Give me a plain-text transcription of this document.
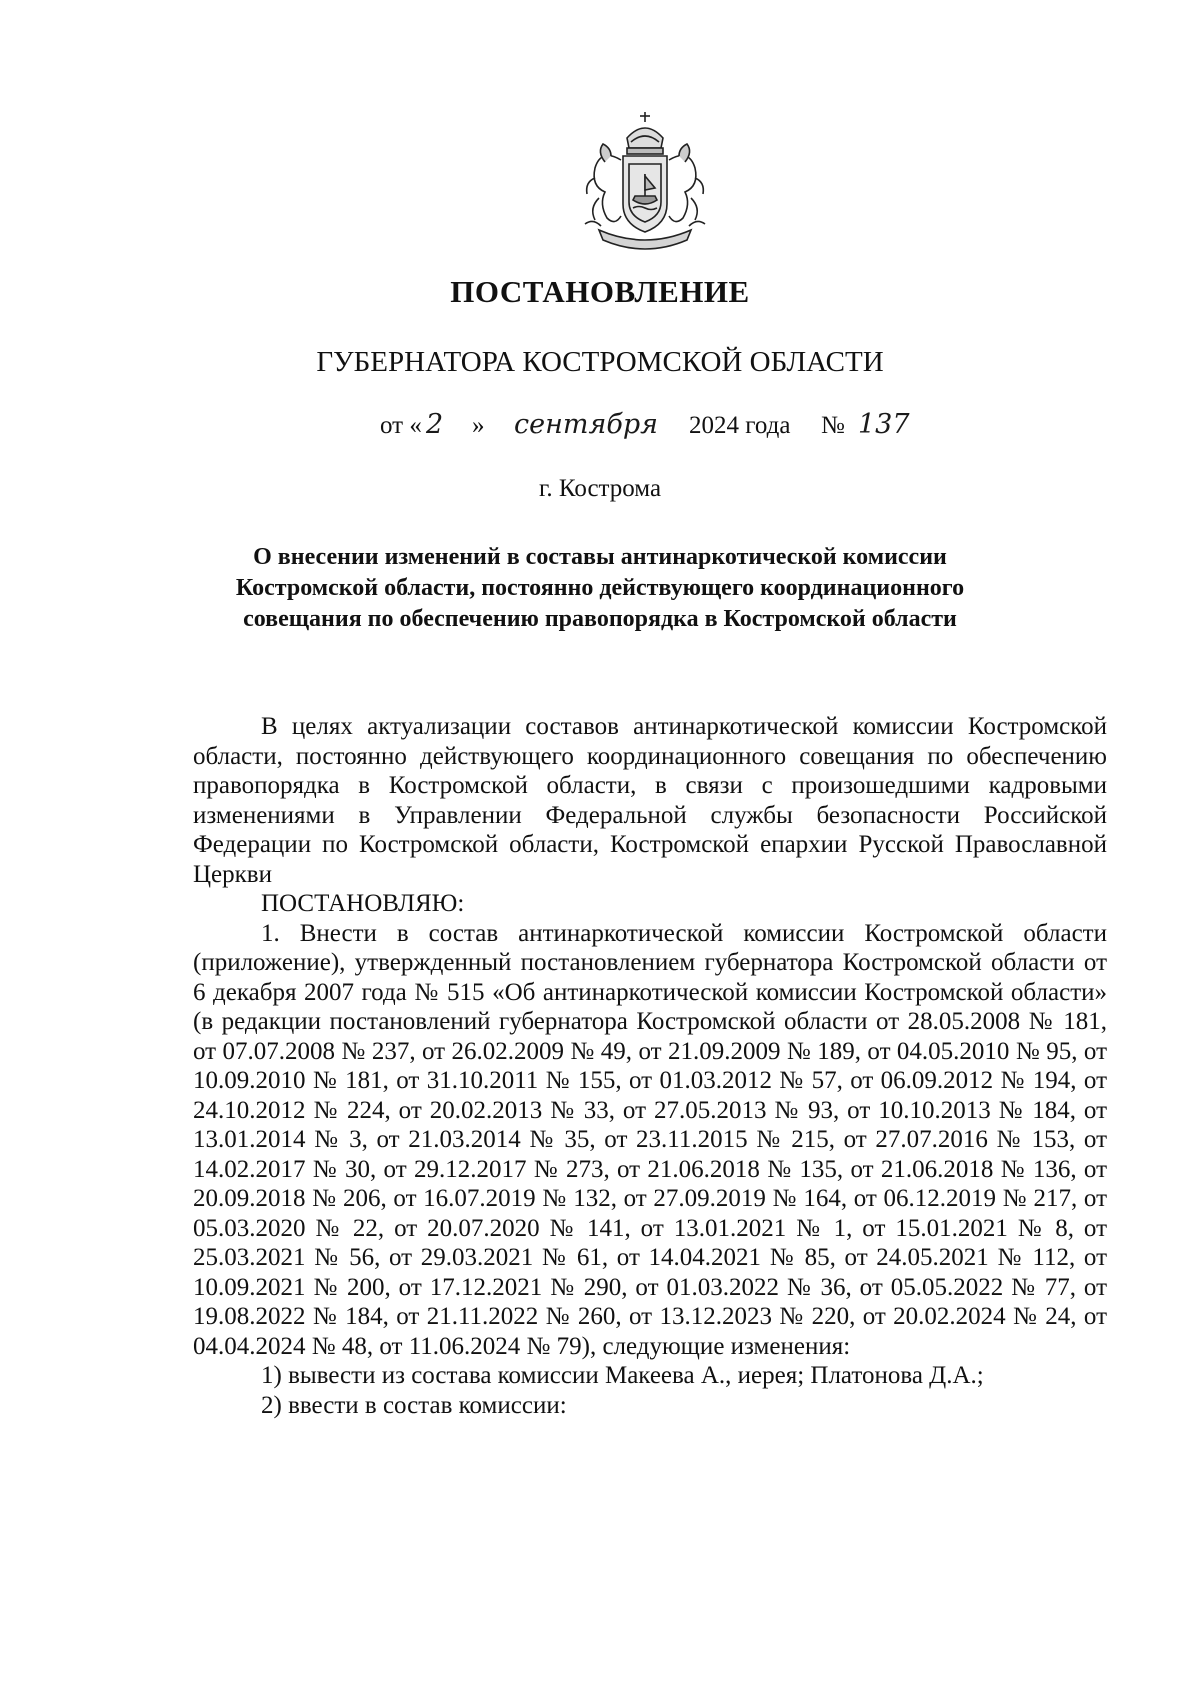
ПОСТАНОВЛЕНИЕ
ГУБЕРНАТОРА КОСТРОМСКОЙ ОБЛАСТИ
от « 2 » сентября 2024 года № 137
г. Кострома
О внесении изменений в составы антинаркотической комиссии
Костромской области, постоянно действующего координационного
совещания по обеспечению правопорядка в Костромской области

В целях актуализации составов антинаркотической комиссии Костромской области, постоянно действующего координационного совещания по обеспечению правопорядка в Костромской области, в связи с произошедшими кадровыми изменениями в Управлении Федеральной службы безопасности Российской Федерации по Костромской области, Костромской епархии Русской Православной Церкви

ПОСТАНОВЛЯЮ:

1. Внести в состав антинаркотической комиссии Костромской области (приложение), утвержденный постановлением губернатора Костромской области от 6 декабря 2007 года № 515 «Об антинаркотической комиссии Костромской области» (в редакции постановлений губернатора Костромской области от 28.05.2008 № 181, от 07.07.2008 № 237, от 26.02.2009 № 49, от 21.09.2009 № 189, от 04.05.2010 № 95, от 10.09.2010 № 181, от 31.10.2011 № 155, от 01.03.2012 № 57, от 06.09.2012 № 194, от 24.10.2012 № 224, от 20.02.2013 № 33, от 27.05.2013 № 93, от 10.10.2013 № 184, от 13.01.2014 № 3, от 21.03.2014 № 35, от 23.11.2015 № 215, от 27.07.2016 № 153, от 14.02.2017 № 30, от 29.12.2017 № 273, от 21.06.2018 № 135, от 21.06.2018 № 136, от 20.09.2018 № 206, от 16.07.2019 № 132, от 27.09.2019 № 164, от 06.12.2019 № 217, от 05.03.2020 № 22, от 20.07.2020 № 141, от 13.01.2021 № 1, от 15.01.2021 № 8, от 25.03.2021 № 56, от 29.03.2021 № 61, от 14.04.2021 № 85, от 24.05.2021 № 112, от 10.09.2021 № 200, от 17.12.2021 № 290, от 01.03.2022 № 36, от 05.05.2022 № 77, от 19.08.2022 № 184, от 21.11.2022 № 260, от 13.12.2023 № 220, от 20.02.2024 № 24, от 04.04.2024 № 48, от 11.06.2024 № 79), следующие изменения:

1) вывести из состава комиссии Макеева А., иерея; Платонова Д.А.;

2) ввести в состав комиссии:
